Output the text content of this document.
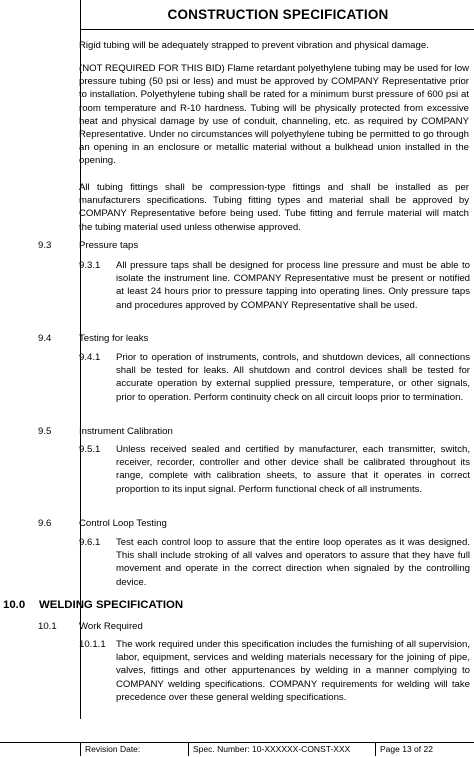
CONSTRUCTION SPECIFICATION

Rigid tubing will be adequately strapped to prevent vibration and physical damage.

(NOT REQUIRED FOR THIS BID) Flame retardant polyethylene tubing may be used for low pressure tubing (50 psi or less) and must be approved by COMPANY Representative prior to installation. Polyethylene tubing shall be rated for a minimum burst pressure of 600 psi at room temperature and R-10 hardness. Tubing will be physically protected from excessive heat and physical damage by use of conduit, channeling, etc. as required by COMPANY Representative. Under no circumstances will polyethylene tubing be permitted to go through an opening in an enclosure or metallic material without a bulkhead union installed in the opening.

All tubing fittings shall be compression-type fittings and shall be installed as per manufacturers specifications. Tubing fitting types and material shall be approved by COMPANY Representative before being used. Tube fitting and ferrule material will match the tubing material used unless otherwise approved.

9.3	Pressure taps
9.3.1	All pressure taps shall be designed for process line pressure and must be able to isolate the instrument line. COMPANY Representative must be present or notified at least 24 hours prior to pressure tapping into operating lines. Only pressure taps and procedures approved by COMPANY Representative shall be used.

9.4	Testing for leaks
9.4.1	Prior to operation of instruments, controls, and shutdown devices, all connections shall be tested for leaks. All shutdown and control devices shall be tested for accurate operation by external supplied pressure, temperature, or other signals, prior to operation. Perform continuity check on all circuit loops prior to termination.

9.5	Instrument Calibration
9.5.1	Unless received sealed and certified by manufacturer, each transmitter, switch, receiver, recorder, controller and other device shall be calibrated throughout its range, complete with calibration sheets, to assure that it operates in correct proportion to its input signal. Perform functional check of all instruments.

9.6	Control Loop Testing
9.6.1	Test each control loop to assure that the entire loop operates as it was designed. This shall include stroking of all valves and operators to assure that they have full movement and operate in the correct direction when signaled by the controlling device.

10.0	WELDING SPECIFICATION
10.1	Work Required
10.1.1	The work required under this specification includes the furnishing of all supervision, labor, equipment, services and welding materials necessary for the joining of pipe, valves, fittings and other appurtenances by welding in a manner complying to COMPANY welding specifications. COMPANY requirements for welding will take precedence over these general welding specifications.

Revision Date:	Spec. Number: 10-XXXXXX-CONST-XXX	Page 13 of 22
